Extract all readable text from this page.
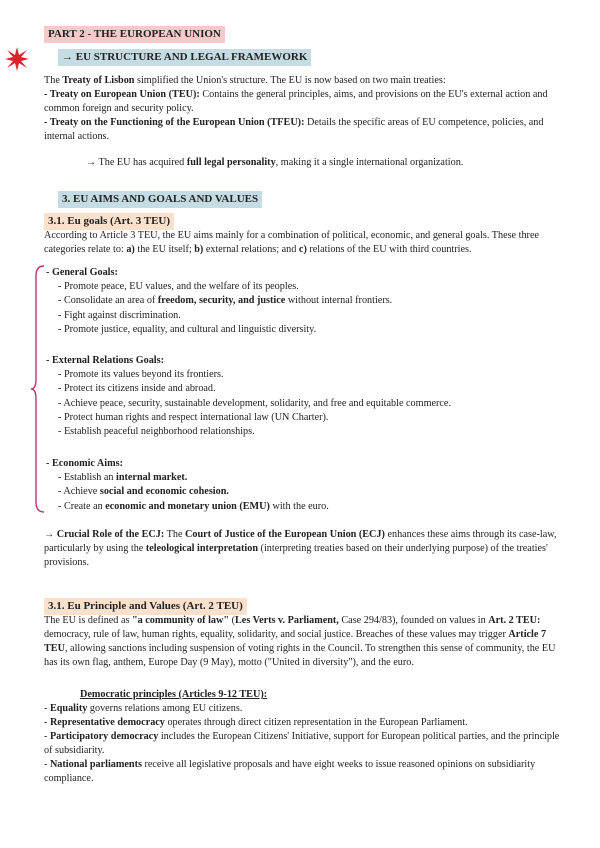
PART 2 - THE EUROPEAN UNION
→ EU STRUCTURE AND LEGAL FRAMEWORK
The Treaty of Lisbon simplified the Union's structure. The EU is now based on two main treaties:
- Treaty on European Union (TEU): Contains the general principles, aims, and provisions on the EU's external action and common foreign and security policy.
- Treaty on the Functioning of the European Union (TFEU): Details the specific areas of EU competence, policies, and internal actions.
→ The EU has acquired full legal personality, making it a single international organization.
3. EU AIMS AND GOALS AND VALUES
3.1. Eu goals (Art. 3 TEU)
According to Article 3 TEU, the EU aims mainly for a combination of political, economic, and general goals. These three categories relate to: a) the EU itself; b) external relations; and c) relations of the EU with third countries.
- General Goals:
- Promote peace, EU values, and the welfare of its peoples.
- Consolidate an area of freedom, security, and justice without internal frontiers.
- Fight against discrimination.
- Promote justice, equality, and cultural and linguistic diversity.
- External Relations Goals:
- Promote its values beyond its frontiers.
- Protect its citizens inside and abroad.
- Achieve peace, security, sustainable development, solidarity, and free and equitable commerce.
- Protect human rights and respect international law (UN Charter).
- Establish peaceful neighborhood relationships.
- Economic Aims:
- Establish an internal market.
- Achieve social and economic cohesion.
- Create an economic and monetary union (EMU) with the euro.
→ Crucial Role of the ECJ: The Court of Justice of the European Union (ECJ) enhances these aims through its case-law, particularly by using the teleological interpretation (interpreting treaties based on their underlying purpose) of the treaties' provisions.
3.1. Eu Principle and Values (Art. 2 TEU)
The EU is defined as "a community of law" (Les Verts v. Parliament, Case 294/83), founded on values in Art. 2 TEU: democracy, rule of law, human rights, equality, solidarity, and social justice. Breaches of these values may trigger Article 7 TEU, allowing sanctions including suspension of voting rights in the Council. To strengthen this sense of community, the EU has its own flag, anthem, Europe Day (9 May), motto ("United in diversity"), and the euro.
Democratic principles (Articles 9-12 TEU):
- Equality governs relations among EU citizens.
- Representative democracy operates through direct citizen representation in the European Parliament.
- Participatory democracy includes the European Citizens' Initiative, support for European political parties, and the principle of subsidiarity.
- National parliaments receive all legislative proposals and have eight weeks to issue reasoned opinions on subsidiarity compliance.
